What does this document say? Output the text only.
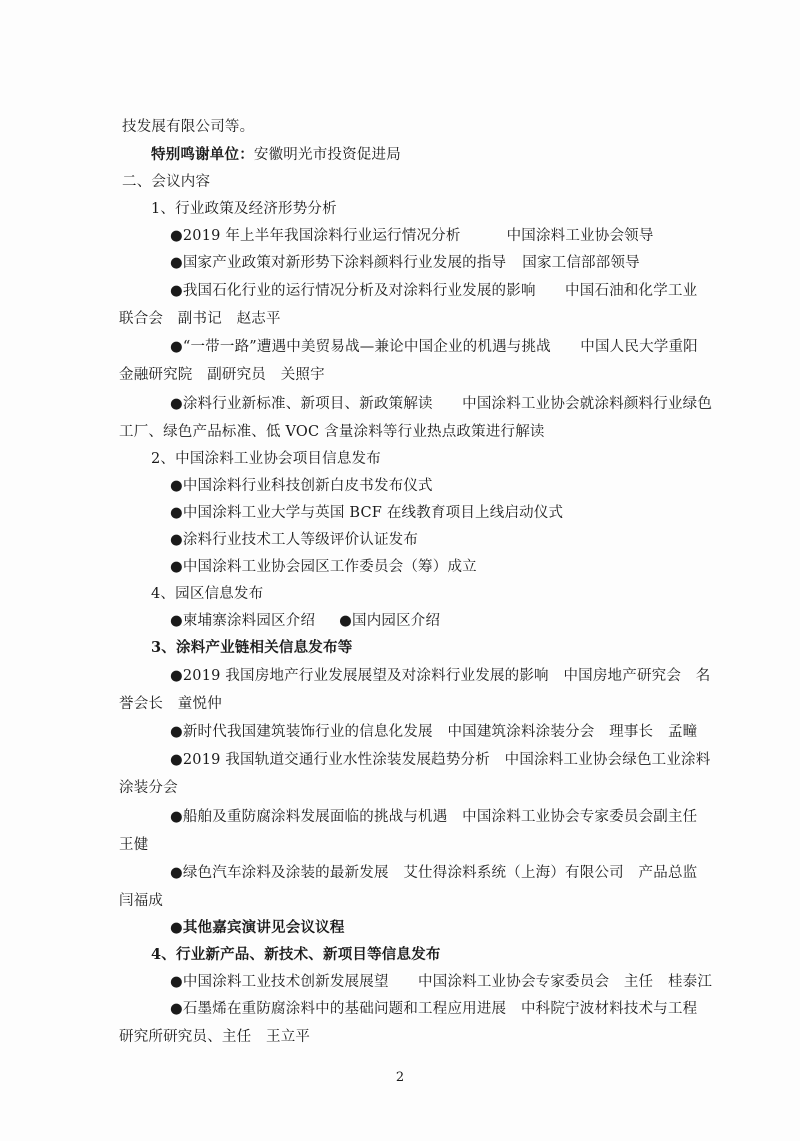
技发展有限公司等。
特别鸣谢单位：安徽明光市投资促进局
二、会议内容
1、行业政策及经济形势分析
●2019 年上半年我国涂料行业运行情况分析	中国涂料工业协会领导
●国家产业政策对新形势下涂料颜料行业发展的指导 国家工信部部领导
●我国石化行业的运行情况分析及对涂料行业发展的影响　　中国石油和化学工业
联合会　副书记　赵志平
●“一带一路”遭遇中美贸易战—兼论中国企业的机遇与挑战　　中国人民大学重阳
金融研究院　副研究员　关照宇
●涂料行业新标准、新项目、新政策解读　　中国涂料工业协会就涂料颜料行业绿色
工厂、绿色产品标准、低 VOC 含量涂料等行业热点政策进行解读
2、中国涂料工业协会项目信息发布
●中国涂料行业科技创新白皮书发布仪式
●中国涂料工业大学与英国 BCF 在线教育项目上线启动仪式
●涂料行业技术工人等级评价认证发布
●中国涂料工业协会园区工作委员会（筹）成立
4、园区信息发布
●柬埔寨涂料园区介绍 ●国内园区介绍
3、涂料产业链相关信息发布等
●2019 我国房地产行业发展展望及对涂料行业发展的影响　中国房地产研究会　名
誉会长　童悦仲
●新时代我国建筑装饰行业的信息化发展　中国建筑涂料涂装分会　理事长　孟疃
●2019 我国轨道交通行业水性涂装发展趋势分析　中国涂料工业协会绿色工业涂料
涂装分会
●船舶及重防腐涂料发展面临的挑战与机遇　中国涂料工业协会专家委员会副主任
王健
●绿色汽车涂料及涂装的最新发展　艾仕得涂料系统（上海）有限公司　产品总监
闫福成
●其他嘉宾演讲见会议议程
4、行业新产品、新技术、新项目等信息发布
●中国涂料工业技术创新发展展望　　中国涂料工业协会专家委员会　主任　桂泰江
●石墨烯在重防腐涂料中的基础问题和工程应用进展　中科院宁波材料技术与工程
研究所研究员、主任　王立平
2
